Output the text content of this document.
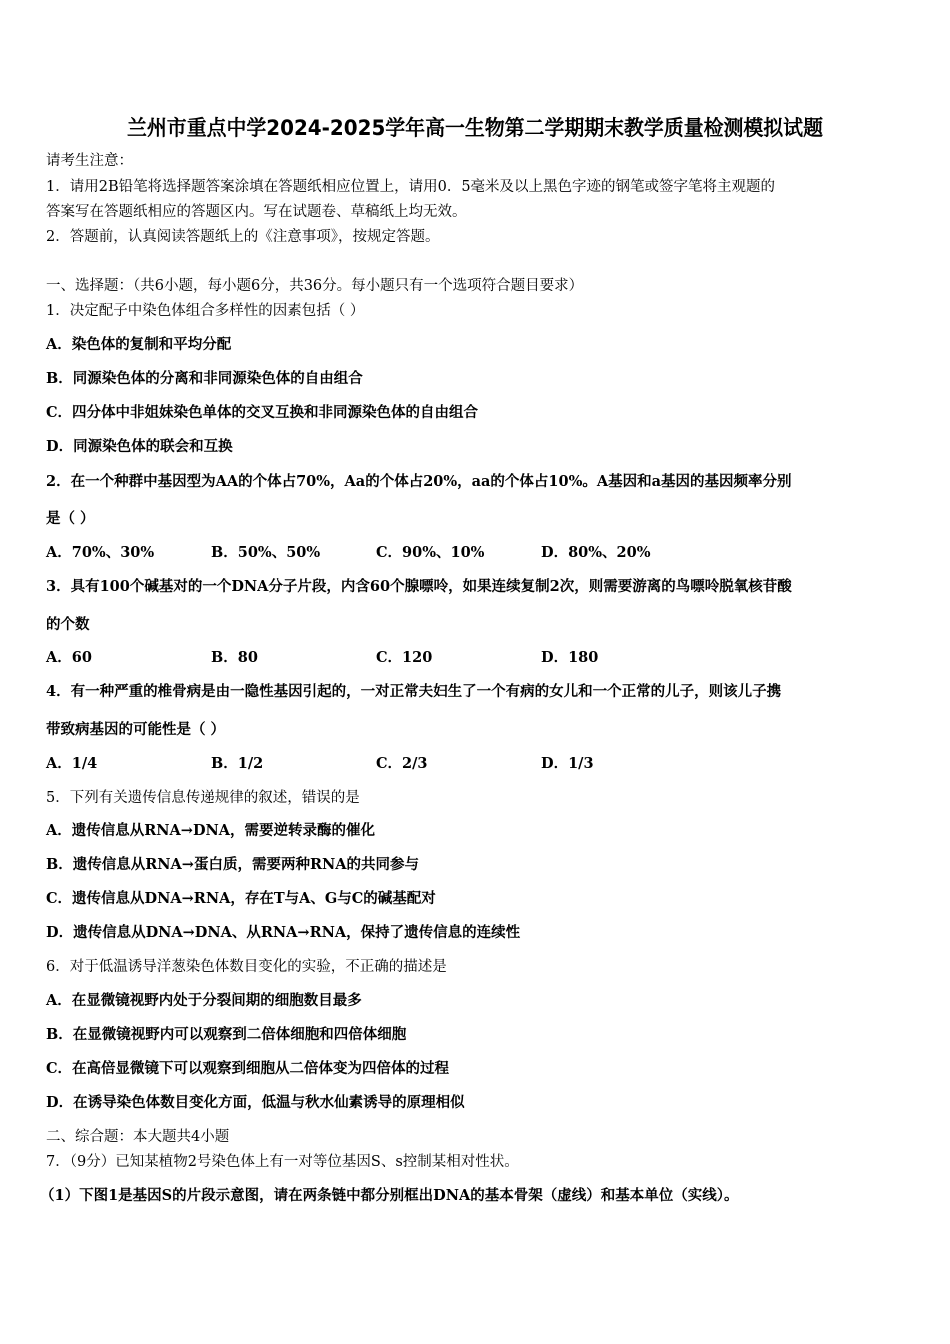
兰州市重点中学2024-2025学年高一生物第二学期期末教学质量检测模拟试题
请考生注意：
1．请用2B铅笔将选择题答案涂填在答题纸相应位置上，请用0．5毫米及以上黑色字迹的钢笔或签字笔将主观题的
答案写在答题纸相应的答题区内。写在试题卷、草稿纸上均无效。
2．答题前，认真阅读答题纸上的《注意事项》，按规定答题。
一、选择题：（共6小题，每小题6分，共36分。每小题只有一个选项符合题目要求）
1．决定配子中染色体组合多样性的因素包括（ ）
A．染色体的复制和平均分配
B．同源染色体的分离和非同源染色体的自由组合
C．四分体中非姐妹染色单体的交叉互换和非同源染色体的自由组合
D．同源染色体的联会和互换
2．在一个种群中基因型为AA的个体占70%，Aa的个体占20%，aa的个体占10%。A基因和a基因的基因频率分别
是（ ）
A．70%、30%	B．50%、50%	C．90%、10%	D．80%、20%
3．具有100个碱基对的一个DNA分子片段，内含60个腺嘌呤，如果连续复制2次，则需要游离的鸟嘌呤脱氧核苷酸
的个数
A．60	B．80	C．120	D．180
4．有一种严重的椎骨病是由一隐性基因引起的，一对正常夫妇生了一个有病的女儿和一个正常的儿子，则该儿子携
带致病基因的可能性是（ ）
A．1/4	B．1/2	C．2/3	D．1/3
5．下列有关遗传信息传递规律的叙述，错误的是
A．遗传信息从RNA→DNA，需要逆转录酶的催化
B．遗传信息从RNA→蛋白质，需要两种RNA的共同参与
C．遗传信息从DNA→RNA，存在T与A、G与C的碱基配对
D．遗传信息从DNA→DNA、从RNA→RNA，保持了遗传信息的连续性
6．对于低温诱导洋葱染色体数目变化的实验，不正确的描述是
A．在显微镜视野内处于分裂间期的细胞数目最多
B．在显微镜视野内可以观察到二倍体细胞和四倍体细胞
C．在高倍显微镜下可以观察到细胞从二倍体变为四倍体的过程
D．在诱导染色体数目变化方面，低温与秋水仙素诱导的原理相似
二、综合题：本大题共4小题
7．（9分）已知某植物2号染色体上有一对等位基因S、s控制某相对性状。
（1）下图1是基因S的片段示意图，请在两条链中都分别框出DNA的基本骨架（虚线）和基本单位（实线）。
